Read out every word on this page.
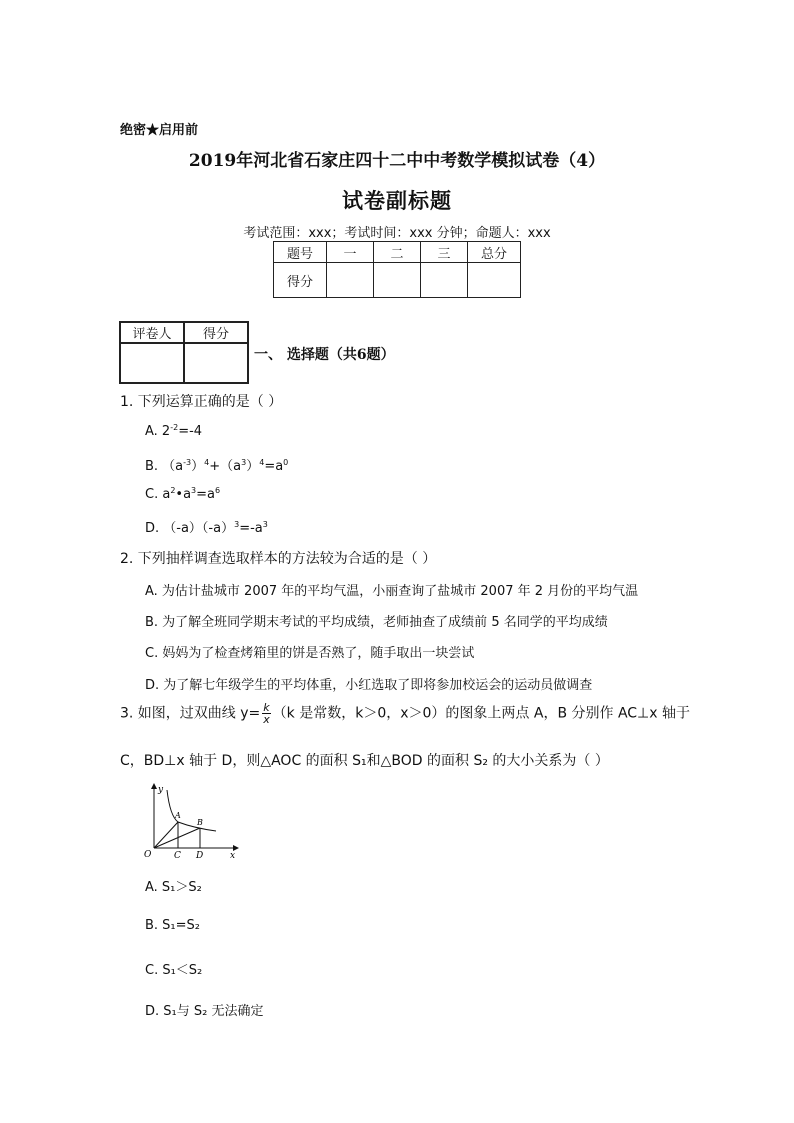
绝密★启用前
2019年河北省石家庄四十二中中考数学模拟试卷（4）
试卷副标题
考试范围：xxx；考试时间：xxx 分钟；命题人：xxx
题号	一	二	三	总分
得分				
评卷人	得分

一、 选择题（共6题）
1. 下列运算正确的是（ ）
A. $2^{-2}=-4$
B. $(a^{-3})^4+(a^3)^4=a^0$
C. $a^2•a^3=a^6$
D. $(-a)(-a)^3=-a^3$
2. 下列抽样调查选取样本的方法较为合适的是（ ）
A. 为估计盐城市 2007 年的平均气温，小丽查询了盐城市 2007 年 2 月份的平均气温
B. 为了解全班同学期末考试的平均成绩，老师抽查了成绩前 5 名同学的平均成绩
C. 妈妈为了检查烤箱里的饼是否熟了，随手取出一块尝试
D. 为了解七年级学生的平均体重，小红选取了即将参加校运会的运动员做调查
3. 如图，过双曲线 $y= \frac{k}{x} (k$ 是常数，k＞0，x＞0）的图象上两点 A，B 分别作 AC⊥x 轴于
C，BD⊥x 轴于 D，则△AOC 的面积 S₁和△BOD 的面积 S₂ 的大小关系为（ ）
y
x
O
A
B
C D
A. S₁＞S₂
B. S₁=S₂
C. S₁＜S₂
D. S₁与 S₂ 无法确定
